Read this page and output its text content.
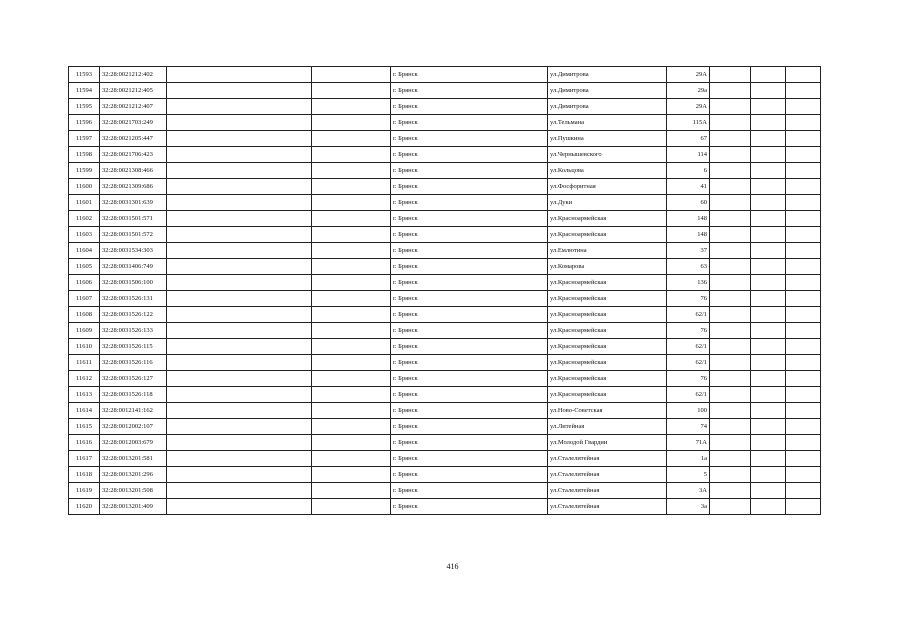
11593	32:28:0021212:402			г. Брянск	ул.Димитрова	29А			
11594	32:28:0021212:405			г. Брянск	ул.Димитрова	29а			
11595	32:28:0021212:407			г. Брянск	ул.Димитрова	29А			
11596	32:28:0021703:249			г. Брянск	ул.Тельмана	115А			
11597	32:28:0021205:447			г. Брянск	ул.Пушкина	67			
11598	32:28:0021706:423			г. Брянск	ул.Чернышевского	114			
11599	32:28:0021308:466			г. Брянск	ул.Кольцова	6			
11600	32:28:0021309:686			г. Брянск	ул.Фосфоритная	41			
11601	32:28:0031301:639			г. Брянск	ул.Дуки	60			
11602	32:28:0031501:571			г. Брянск	ул.Красноармейская	148			
11603	32:28:0031501:572			г. Брянск	ул.Красноармейская	148			
11604	32:28:0031534:303			г. Брянск	ул.Емлютина	37			
11605	32:28:0031406:749			г. Брянск	ул.Комарова	63			
11606	32:28:0031506:100			г. Брянск	ул.Красноармейская	136			
11607	32:28:0031526:131			г. Брянск	ул.Красноармейская	76			
11608	32:28:0031526:122			г. Брянск	ул.Красноармейская	62/1			
11609	32:28:0031526:133			г. Брянск	ул.Красноармейская	76			
11610	32:28:0031526:115			г. Брянск	ул.Красноармейская	62/1			
11611	32:28:0031526:116			г. Брянск	ул.Красноармейская	62/1			
11612	32:28:0031526:127			г. Брянск	ул.Красноармейская	76			
11613	32:28:0031526:118			г. Брянск	ул.Красноармейская	62/1			
11614	32:28:0012141:162			г. Брянск	ул.Ново-Советская	100			
11615	32:28:0012002:107			г. Брянск	ул.Литейная	74			
11616	32:28:0012003:679			г. Брянск	ул.Молодой Гвардии	71А			
11617	32:28:0013201:581			г. Брянск	ул.Сталелитейная	1а			
11618	32:28:0013201:296			г. Брянск	ул.Сталелитейная	5			
11619	32:28:0013201:508			г. Брянск	ул.Сталелитейная	3А			
11620	32:28:0013201:409			г. Брянск	ул.Сталелитейная	3а			
416
